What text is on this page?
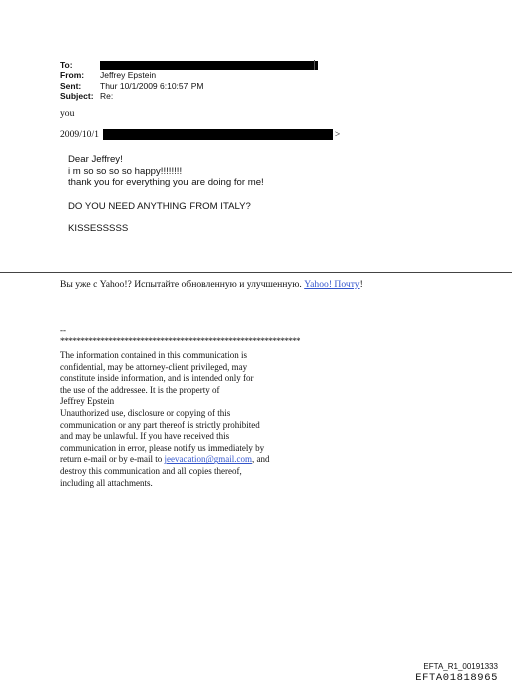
To:
From:	Jeffrey Epstein
Sent:	Thur 10/1/2009 6:10:57 PM
Subject: Re:
you
2009/10/1	>
Dear Jeffrey!
i m so so so so happy!!!!!!!!
thank you for everything you are doing for me!
DO YOU NEED ANYTHING FROM ITALY?
KISSESSSSS
Вы уже с Yahoo!? Испытайте обновленную и улучшенную. Yahoo! Почту!
--
************************************************************
The information contained in this communication is
confidential, may be attorney-client privileged, may
constitute inside information, and is intended only for
the use of the addressee. It is the property of
Jeffrey Epstein
Unauthorized use, disclosure or copying of this
communication or any part thereof is strictly prohibited
and may be unlawful. If you have received this
communication in error, please notify us immediately by
return e-mail or by e-mail to jeevacation@gmail.com, and
destroy this communication and all copies thereof,
including all attachments.
EFTA_R1_00191333
EFTA01818965
